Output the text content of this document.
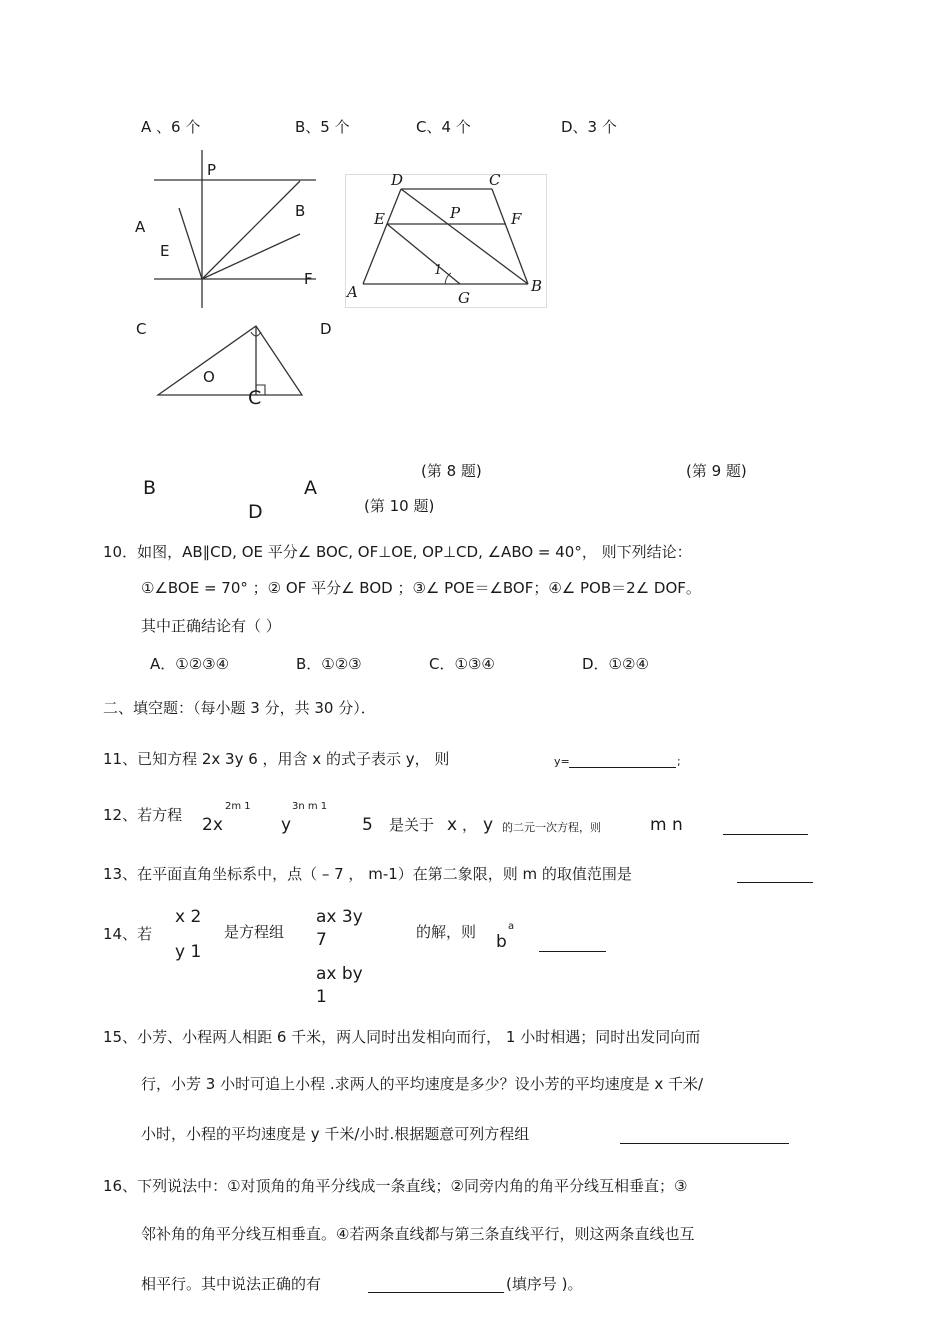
A 、6 个	B、5 个	C、4 个	D、3 个
P
A
E
B
F
C	D
O
C
D	C
E	P	F
1
A	G
B
(第 8 题)	(第 9 题)
B	A
(第 10 题)
D
10．如图，AB∥CD, OE 平分∠ BOC, OF⊥OE, OP⊥CD, ∠ABO = 40°， 则下列结论：
①∠BOE = 70° ；② OF 平分∠ BOD ；③∠ POE＝∠BOF；④∠ POB＝2∠ DOF。
其中正确结论有（ ）
A．①②③④	B．①②③	C．①③④	D．①②④
二、填空题：（每小题 3 分，共 30 分）．
11、已知方程 2x 3y 6 ，用含 x 的式子表示 y， 则	y=	;
12、若方程 2x
2m 1
y
3n m 1
5 是关于 x ， y 的二元一次方程，则	m n
13、在平面直角坐标系中，点（ – 7 ， m-1）在第二象限，则 m 的取值范围是
14、若
x 2
y 1
是方程组
ax 3y
7
ax by
1
的解，则 b
a
15、小芳、小程两人相距 6 千米，两人同时出发相向而行， 1 小时相遇；同时出发同向而
行，小芳 3 小时可追上小程 .求两人的平均速度是多少？设小芳的平均速度是 x 千米/
小时，小程的平均速度是 y 千米/小时.根据题意可列方程组
16、下列说法中：①对顶角的角平分线成一条直线；②同旁内角的角平分线互相垂直；③
邻补角的角平分线互相垂直。④若两条直线都与第三条直线平行，则这两条直线也互
相平行。其中说法正确的有	(填序号 )。
